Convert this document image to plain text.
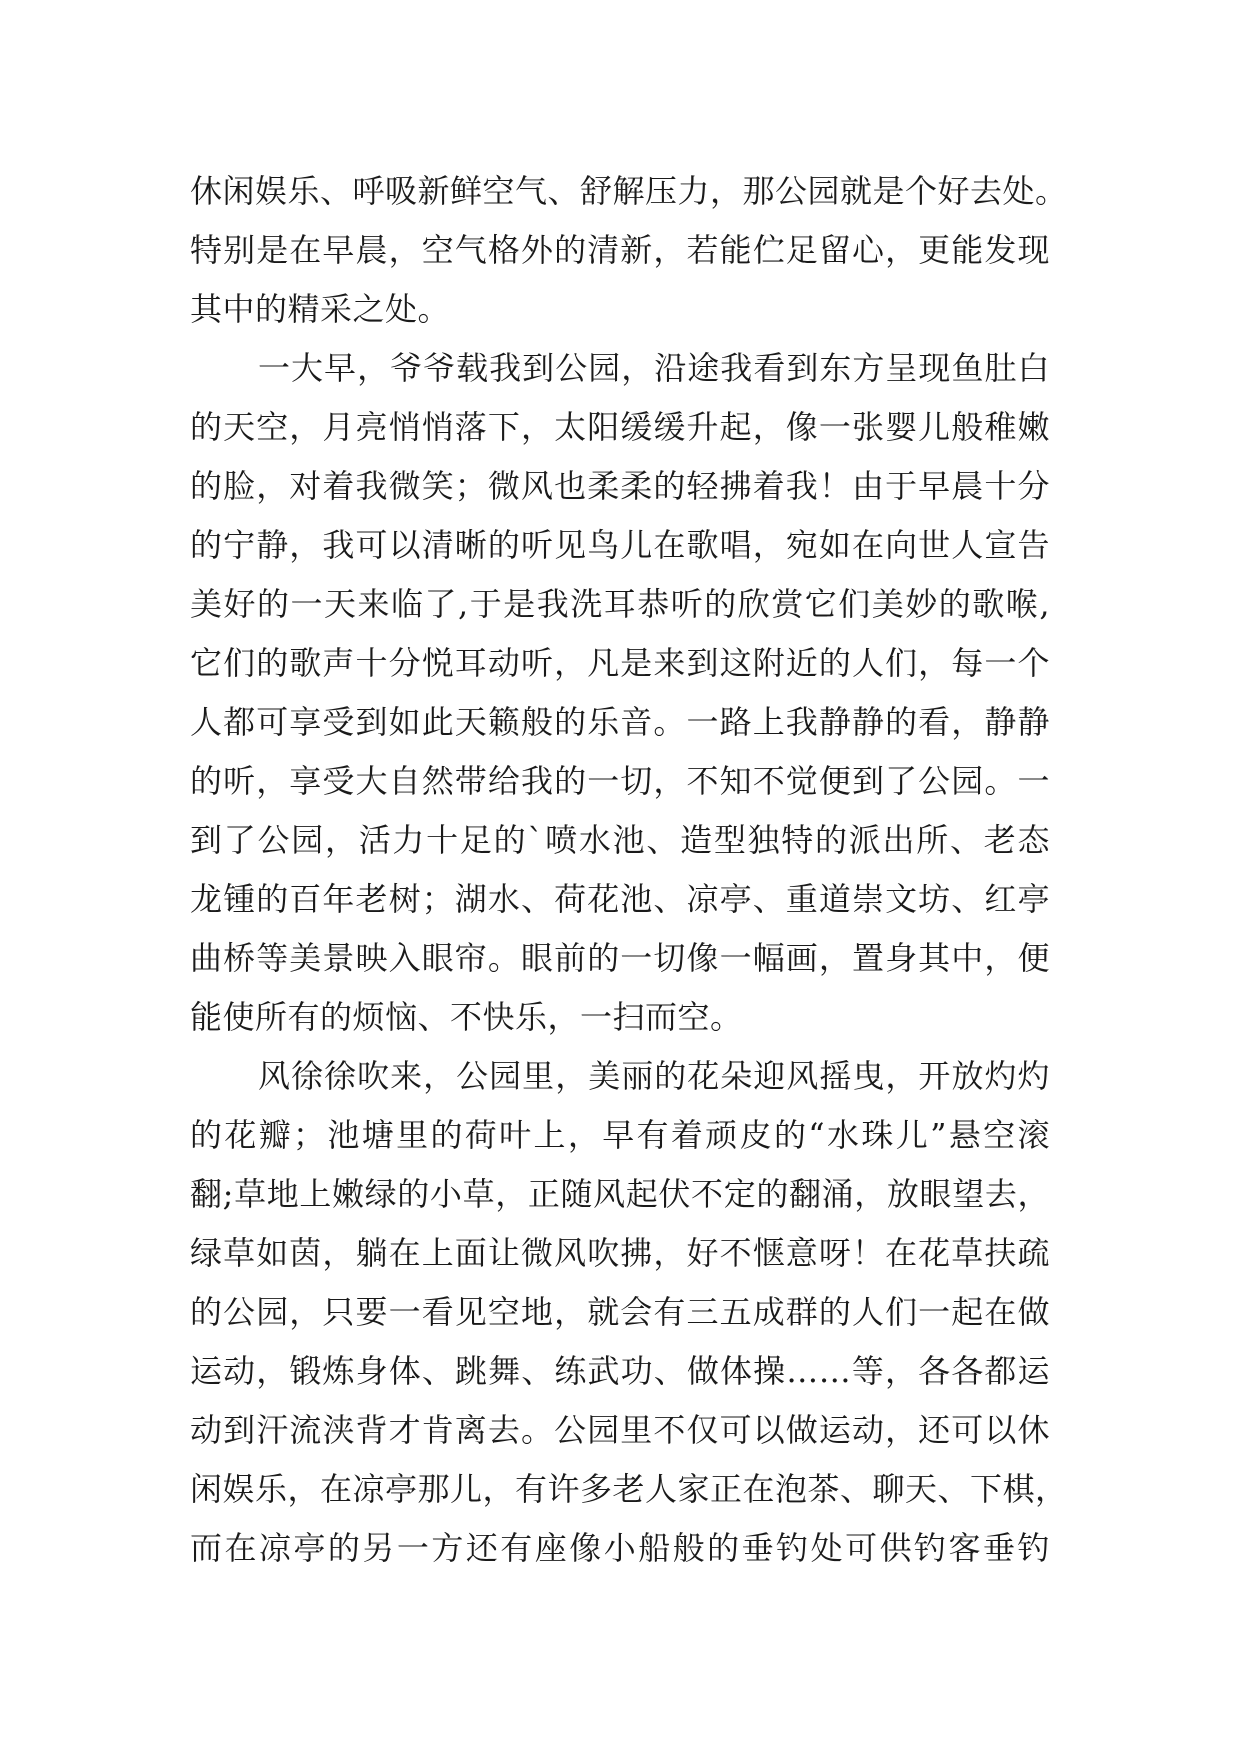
休闲娱乐、呼吸新鲜空气、舒解压力，那公园就是个好去处。
特别是在早晨，空气格外的清新，若能伫足留心，更能发现
其中的精采之处。
一大早，爷爷载我到公园，沿途我看到东方呈现鱼肚白
的天空，月亮悄悄落下，太阳缓缓升起，像一张婴儿般稚嫩
的脸，对着我微笑；微风也柔柔的轻拂着我！由于早晨十分
的宁静，我可以清晰的听见鸟儿在歌唱，宛如在向世人宣告
美好的一天来临了,于是我洗耳恭听的欣赏它们美妙的歌喉,
它们的歌声十分悦耳动听，凡是来到这附近的人们，每一个
人都可享受到如此天籁般的乐音。一路上我静静的看，静静
的听，享受大自然带给我的一切，不知不觉便到了公园。一
到了公园，活力十足的`喷水池、造型独特的派出所、老态
龙锺的百年老树；湖水、荷花池、凉亭、重道崇文坊、红亭
曲桥等美景映入眼帘。眼前的一切像一幅画，置身其中，便
能使所有的烦恼、不快乐，一扫而空。
风徐徐吹来，公园里，美丽的花朵迎风摇曳，开放灼灼
的花瓣；池塘里的荷叶上，早有着顽皮的“水珠儿”悬空滚
翻;草地上嫩绿的小草，正随风起伏不定的翻涌，放眼望去，
绿草如茵，躺在上面让微风吹拂，好不惬意呀！在花草扶疏
的公园，只要一看见空地，就会有三五成群的人们一起在做
运动，锻炼身体、跳舞、练武功、做体操……等，各各都运
动到汗流浃背才肯离去。公园里不仅可以做运动，还可以休
闲娱乐，在凉亭那儿，有许多老人家正在泡茶、聊天、下棋，
而在凉亭的另一方还有座像小船般的垂钓处可供钓客垂钓
